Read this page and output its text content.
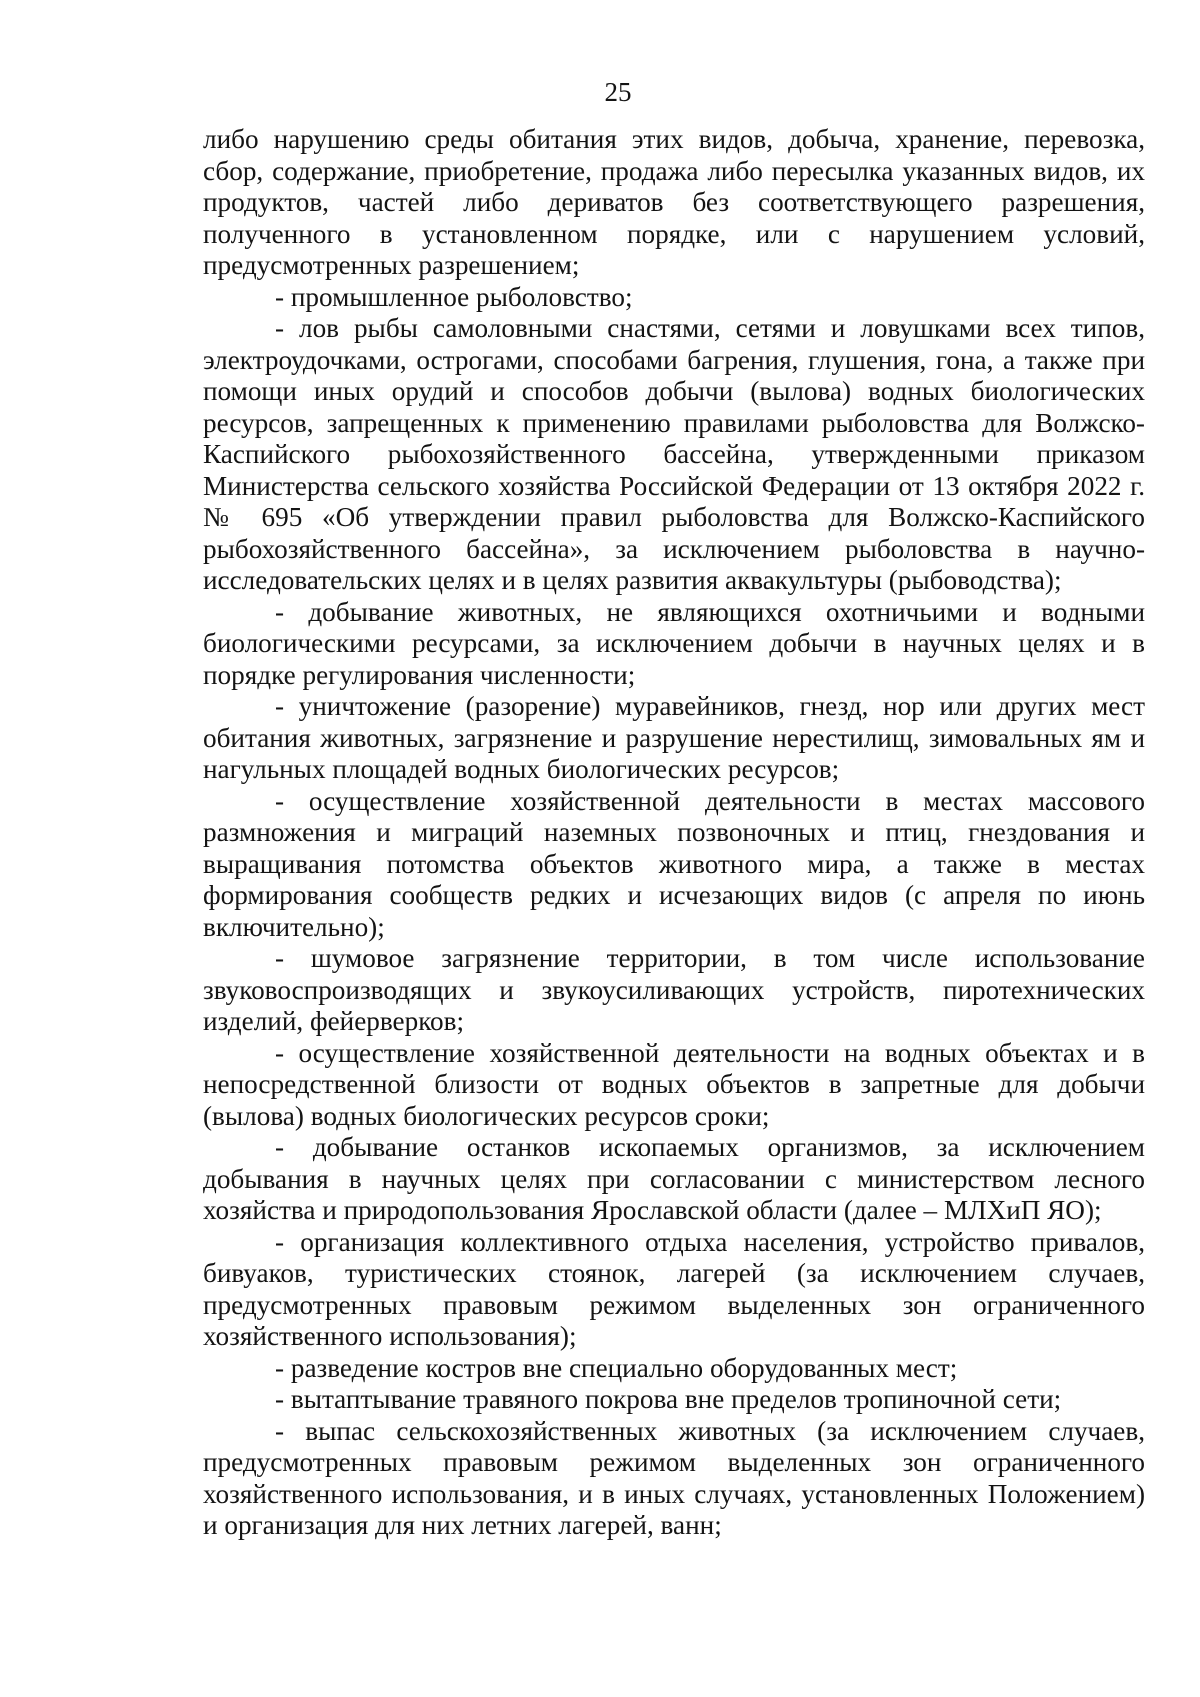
25

либо нарушению среды обитания этих видов, добыча, хранение, перевозка, сбор, содержание, приобретение, продажа либо пересылка указанных видов, их продуктов, частей либо дериватов без соответствующего разрешения, полученного в установленном порядке, или с нарушением условий, предусмотренных разрешением;

- промышленное рыболовство;

- лов рыбы самоловными снастями, сетями и ловушками всех типов, электроудочками, острогами, способами багрения, глушения, гона, а также при помощи иных орудий и способов добычи (вылова) водных биологических ресурсов, запрещенных к применению правилами рыболовства для Волжско-Каспийского рыбохозяйственного бассейна, утвержденными приказом Министерства сельского хозяйства Российской Федерации от 13 октября 2022 г. № 695 «Об утверждении правил рыболовства для Волжско-Каспийского рыбохозяйственного бассейна», за исключением рыболовства в научно-исследовательских целях и в целях развития аквакультуры (рыбоводства);

- добывание животных, не являющихся охотничьими и водными биологическими ресурсами, за исключением добычи в научных целях и в порядке регулирования численности;

- уничтожение (разорение) муравейников, гнезд, нор или других мест обитания животных, загрязнение и разрушение нерестилищ, зимовальных ям и нагульных площадей водных биологических ресурсов;

- осуществление хозяйственной деятельности в местах массового размножения и миграций наземных позвоночных и птиц, гнездования и выращивания потомства объектов животного мира, а также в местах формирования сообществ редких и исчезающих видов (с апреля по июнь включительно);

- шумовое загрязнение территории, в том числе использование звуковоспроизводящих и звукоусиливающих устройств, пиротехнических изделий, фейерверков;

- осуществление хозяйственной деятельности на водных объектах и в непосредственной близости от водных объектов в запретные для добычи (вылова) водных биологических ресурсов сроки;

- добывание останков ископаемых организмов, за исключением добывания в научных целях при согласовании с министерством лесного хозяйства и природопользования Ярославской области (далее – МЛХиП ЯО);

- организация коллективного отдыха населения, устройство привалов, бивуаков, туристических стоянок, лагерей (за исключением случаев, предусмотренных правовым режимом выделенных зон ограниченного хозяйственного использования);

- разведение костров вне специально оборудованных мест;

- вытаптывание травяного покрова вне пределов тропиночной сети;

- выпас сельскохозяйственных животных (за исключением случаев, предусмотренных правовым режимом выделенных зон ограниченного хозяйственного использования, и в иных случаях, установленных Положением) и организация для них летних лагерей, ванн;
